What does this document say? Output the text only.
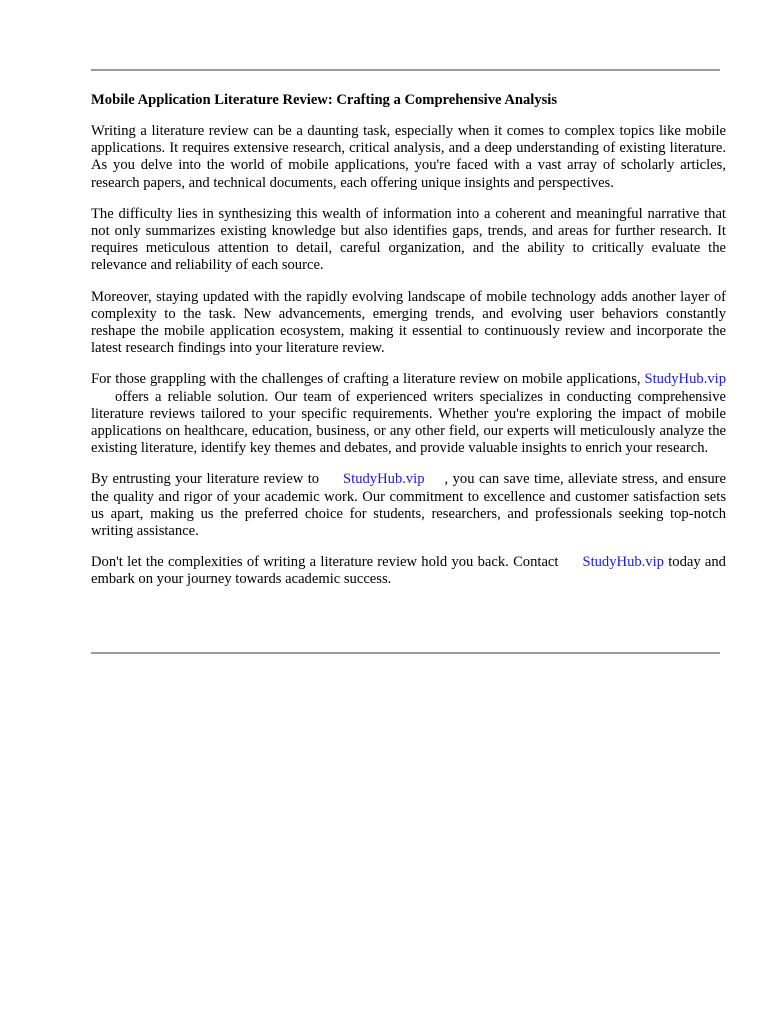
Mobile Application Literature Review: Crafting a Comprehensive Analysis

Writing a literature review can be a daunting task, especially when it comes to complex topics like mobile applications. It requires extensive research, critical analysis, and a deep understanding of existing literature. As you delve into the world of mobile applications, you're faced with a vast array of scholarly articles, research papers, and technical documents, each offering unique insights and perspectives.

The difficulty lies in synthesizing this wealth of information into a coherent and meaningful narrative that not only summarizes existing knowledge but also identifies gaps, trends, and areas for further research. It requires meticulous attention to detail, careful organization, and the ability to critically evaluate the relevance and reliability of each source.

Moreover, staying updated with the rapidly evolving landscape of mobile technology adds another layer of complexity to the task. New advancements, emerging trends, and evolving user behaviors constantly reshape the mobile application ecosystem, making it essential to continuously review and incorporate the latest research findings into your literature review.

For those grappling with the challenges of crafting a literature review on mobile applications, StudyHub.vipoffers a reliable solution. Our team of experienced writers specializes in conducting comprehensive literature reviews tailored to your specific requirements. Whether you're exploring the impact of mobile applications on healthcare, education, business, or any other field, our experts will meticulously analyze the existing literature, identify key themes and debates, and provide valuable insights to enrich your research.

By entrusting your literature review to StudyHub.vip , you can save time, alleviate stress, and ensure the quality and rigor of your academic work. Our commitment to excellence and customer satisfaction sets us apart, making us the preferred choice for students, researchers, and professionals seeking top-notch writing assistance.

Don't let the complexities of writing a literature review hold you back. Contact StudyHub.vip today and embark on your journey towards academic success.
